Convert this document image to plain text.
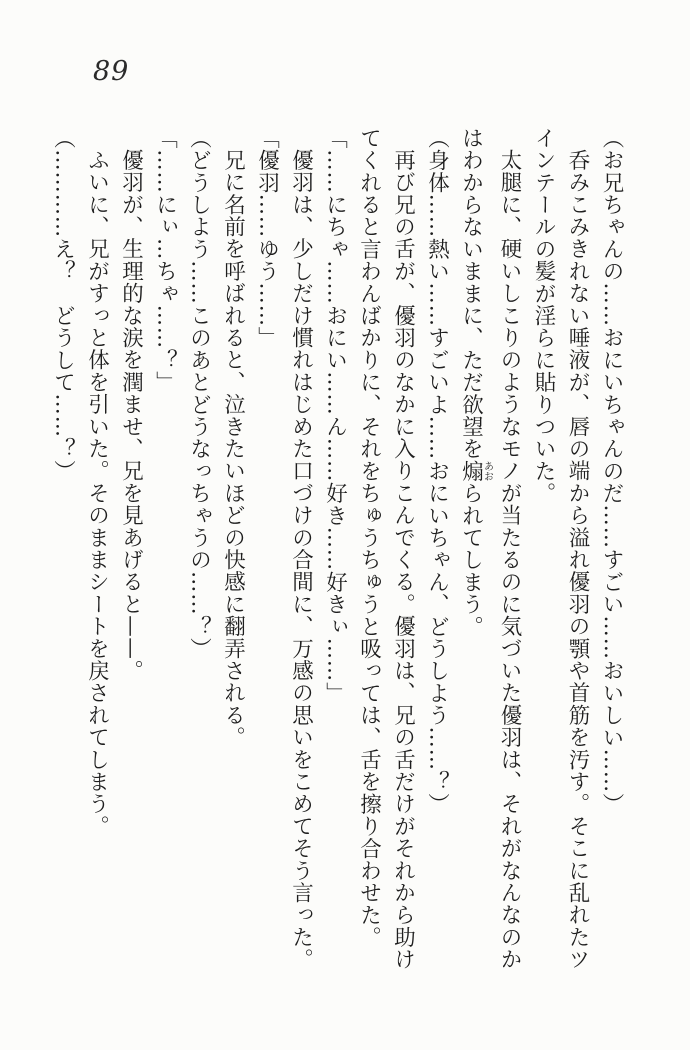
89

（お兄ちゃんの……おにいちゃんのだ……すごい……おいしい……）

呑みこみきれない唾液が、唇の端から溢れ優羽の顎や首筋を汚す。そこに乱れたツ

インテールの髪が淫らに貼りついた。

太腿に、硬いしこりのようなモノが当たるのに気づいた優羽は、それがなんなのか

はわからないままに、ただ欲望を煽あおられてしまう。

（身体……熱い……すごいよ……おにいちゃん、どうしよう……？）

再び兄の舌が、優羽のなかに入りこんでくる。優羽は、兄の舌だけがそれから助け

てくれると言わんばかりに、それをちゅうちゅうと吸っては、舌を擦り合わせた。

「……にちゃ……おにい……ん……好き……好きぃ……」

優羽は、少しだけ慣れはじめた口づけの合間に、万感の思いをこめてそう言った。

「優羽……ゆう……」

兄に名前を呼ばれると、泣きたいほどの快感に翻弄される。

（どうしよう……このあとどうなっちゃうの……？）

「……にぃ…ちゃ……？」

優羽が、生理的な涙を潤ませ、兄を見あげると——。

ふいに、兄がすっと体を引いた。そのままシートを戻されてしまう。

（…………え？　どうして……？）
